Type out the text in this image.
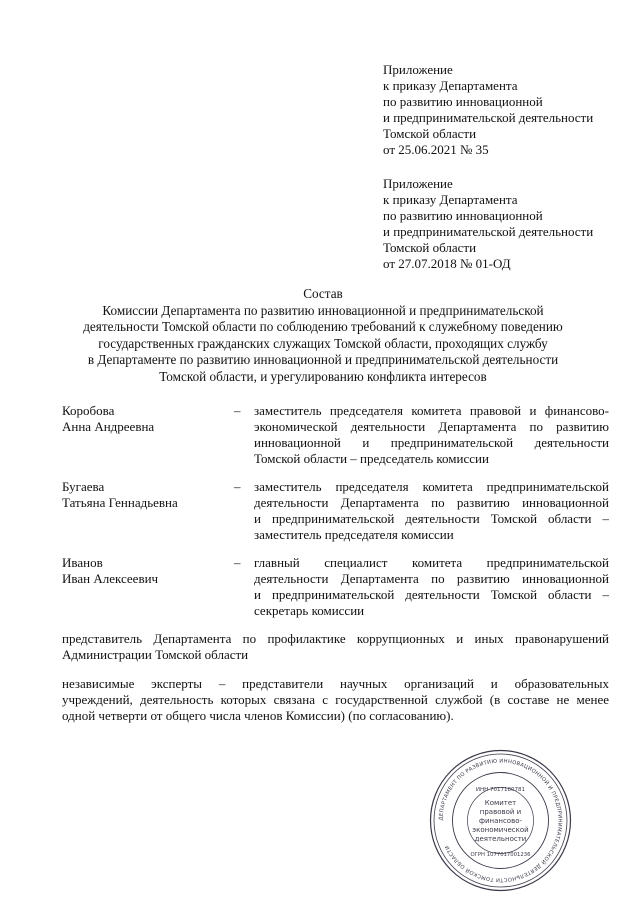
Приложение
к приказу Департамента
по развитию инновационной
и предпринимательской деятельности
Томской области
от 25.06.2021 № 35
Приложение
к приказу Департамента
по развитию инновационной
и предпринимательской деятельности
Томской области
от 27.07.2018 № 01-ОД
Состав
Комиссии Департамента по развитию инновационной и предпринимательской
деятельности Томской области по соблюдению требований к служебному поведению
государственных гражданских служащих Томской области, проходящих службу
в Департаменте по развитию инновационной и предпринимательской деятельности
Томской области, и урегулированию конфликта интересов
Коробова
Анна Андреевна
– заместитель председателя комитета правовой и финансово-
экономической деятельности Департамента по развитию
инновационной и предпринимательской деятельности
Томской области – председатель комиссии
Бугаева
Татьяна Геннадьевна
– заместитель председателя комитета предпринимательской
деятельности Департамента по развитию инновационной
и предпринимательской деятельности Томской области –
заместитель председателя комиссии
Иванов
Иван Алексеевич
– главный специалист комитета предпринимательской
деятельности Департамента по развитию инновационной
и предпринимательской деятельности Томской области –
секретарь комиссии
представитель Департамента по профилактике коррупционных и иных правонарушений
Администрации Томской области
независимые эксперты – представители научных организаций и образовательных
учреждений, деятельность которых связана с государственной службой (в составе не менее
одной четверти от общего числа членов Комиссии) (по согласованию).
ДЕПАРТАМЕНТ ПО РАЗВИТИЮ ИННОВАЦИОННОЙ И ПРЕДПРИНИМАТЕЛЬСКОЙ ДЕЯТЕЛЬНОСТИ ТОМСКОЙ ОБЛАСТИ
ИНН 7017180781
ОГРН 1077017001236
Комитет
правовой и
финансово-
экономической
деятельности
